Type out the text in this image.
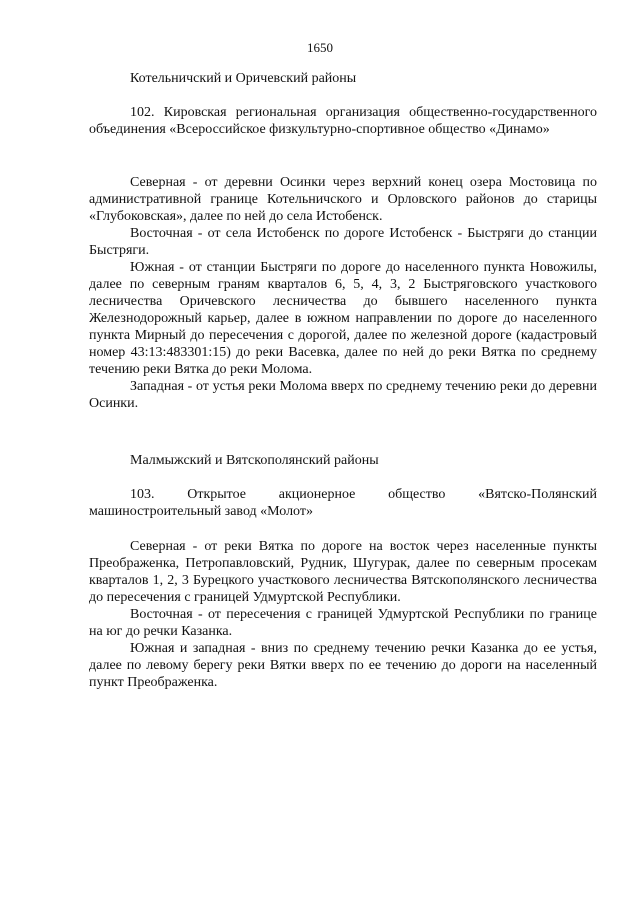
1650
Котельничский и Оричевский районы

102. Кировская региональная организация общественно-государственного объединения «Всероссийское физкультурно-спортивное общество «Динамо»

Северная - от деревни Осинки через верхний конец озера Мостовица по административной границе Котельничского и Орловского районов до старицы «Глубоковская», далее по ней до села Истобенск.

Восточная - от села Истобенск по дороге Истобенск - Быстряги до станции Быстряги.

Южная - от станции Быстряги по дороге до населенного пункта Новожилы, далее по северным граням кварталов 6, 5, 4, 3, 2 Быстрягoвского участкового лесничества Оричевского лесничества до бывшего населенного пункта Железнодорожный карьер, далее в южном направлении по дороге до населенного пункта Мирный до пересечения с дорогой, далее по железной дороге (кадастровый номер 43:13:483301:15) до реки Васевка, далее по ней до реки Вятка по среднему течению реки Вятка до реки Молома.

Западная - от устья реки Молома вверх по среднему течению реки до деревни Осинки.

Малмыжский и Вятскополянский районы

103. Открытое акционерное общество «Вятско-Полянский машиностроительный завод «Молот»

Северная - от реки Вятка по дороге на восток через населенные пункты Преображенка, Петропавловский, Рудник, Шугурак, далее по северным просекам кварталов 1, 2, 3 Бурецкого участкового лесничества Вятскополянского лесничества до пересечения с границей Удмуртской Республики.

Восточная - от пересечения с границей Удмуртской Республики по границе на юг до речки Казанка.

Южная и западная - вниз по среднему течению речки Казанка до ее устья, далее по левому берегу реки Вятки вверх по ее течению до дороги на населенный пункт Преображенка.
